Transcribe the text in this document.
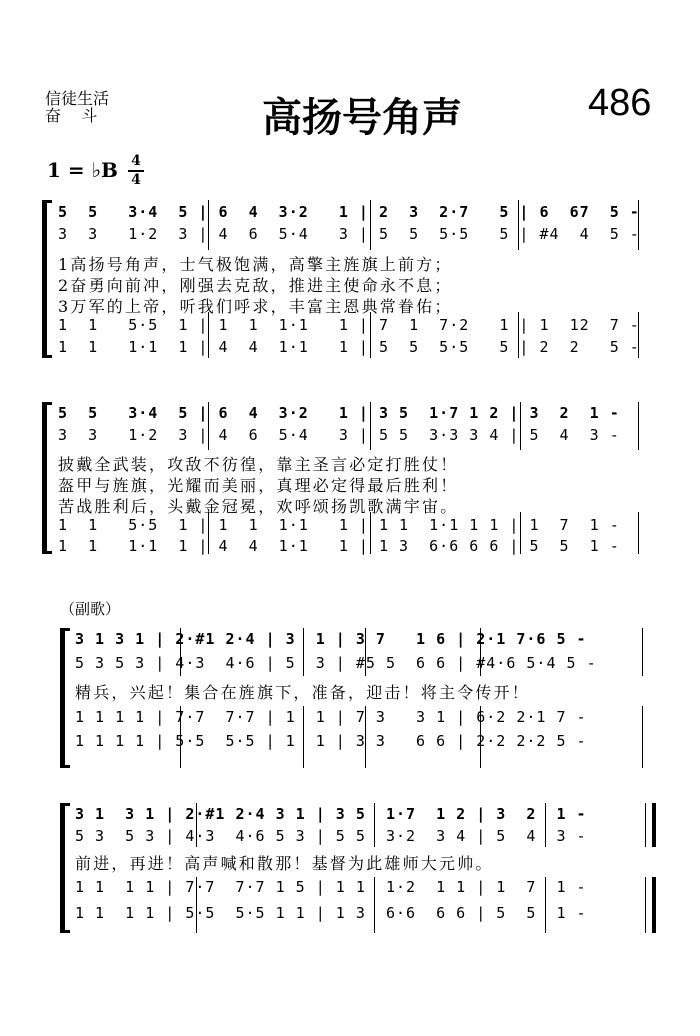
信徒生活
奋    斗	高扬号角声	486
1 = ♭B 4
4
5  5   3·4  5 | 6  4  3·2   1 | 2  3  2·7   5 | 6  67  5 -
3  3   1·2  3 | 4  6  5·4   3 | 5  5  5·5   5 | #4  4  5 -
1高扬号角声，士气极饱满，高擎主旌旗上前方；
2奋勇向前冲，刚强去克敌，推进主使命永不息；
3万军的上帝，听我们呼求，丰富主恩典常眷佑；
1  1   5·5  1 | 1  1  1·1   1 | 7  1  7·2   1 | 1  12  7 -
1  1   1·1  1 | 4  4  1·1   1 | 5  5  5·5   5 | 2  2   5 -
5  5   3·4  5 | 6  4  3·2   1 | 3 5  1·7 1 2 | 3  2  1 -
3  3   1·2  3 | 4  6  5·4   3 | 5 5  3·3 3 4 | 5  4  3 -
披戴全武装，攻敌不彷徨，靠主圣言必定打胜仗！
盔甲与旌旗，光耀而美丽，真理必定得最后胜利！
苦战胜利后，头戴金冠冕，欢呼颂扬凯歌满宇宙。
1  1   5·5  1 | 1  1  1·1   1 | 1 1  1·1 1 1 | 1  7  1 -
1  1   1·1  1 | 4  4  1·1   1 | 1 3  6·6 6 6 | 5  5  1 -
（副歌）
3 1 3 1 | 2·#1 2·4 | 3  1 | 3 7   1 6 | 2·1 7·6 5 -
5 3 5 3 | 4·3  4·6 | 5  3 | #5 5  6 6 | #4·6 5·4 5 -
精兵，兴起！集合在旌旗下，准备，迎击！将主令传开！
1 1 1 1 | 7·7  7·7 | 1  1 | 7 3   3 1 | 6·2 2·1 7 -
1 1 1 1 | 5·5  5·5 | 1  1 | 3 3   6 6 | 2·2 2·2 5 -
3 1  3 1 | 2·#1 2·4 3 1 | 3 5  1·7  1 2 | 3  2  1 -
5 3  5 3 | 4·3  4·6 5 3 | 5 5  3·2  3 4 | 5  4  3 -
前进，再进！高声喊和散那！基督为此雄师大元帅。
1 1  1 1 | 7·7  7·7 1 5 | 1 1  1·2  1 1 | 1  7  1 -
1 1  1 1 | 5·5  5·5 1 1 | 1 3  6·6  6 6 | 5  5  1 -
